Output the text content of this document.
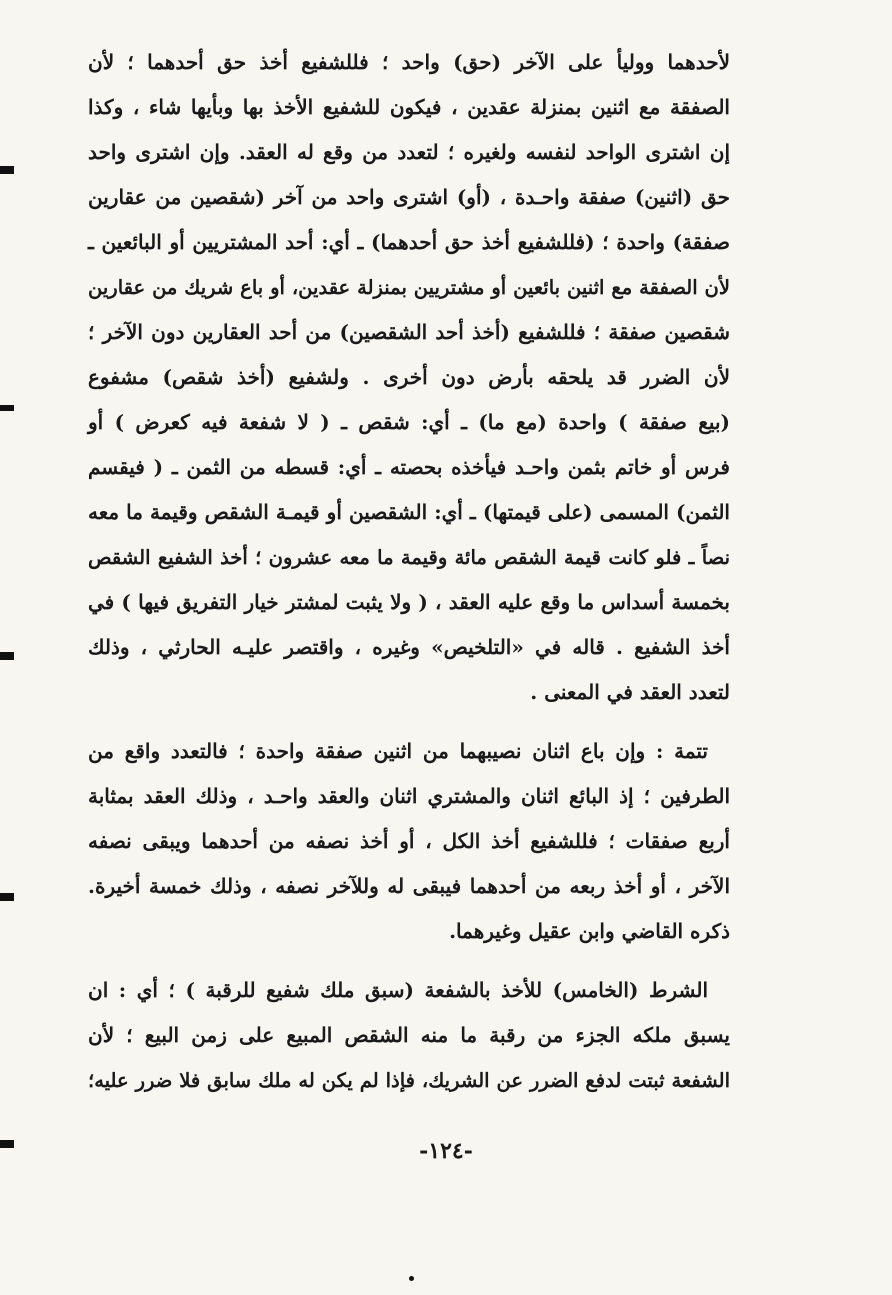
لأحدهما ووليأ على الآخر (حق) واحد ؛ فللشفيع أخذ حق أحدهما ؛ لأن
الصفقة مع اثنين بمنزلة عقدين ، فيكون للشفيع الأخذ بها وبأيها شاء ، وكذا
إن اشترى الواحد لنفسه ولغيره ؛ لتعدد من وقع له العقد. وإن اشترى واحد
حق (اثنين) صفقة واحـدة ، (أو) اشترى واحد من آخر (شقصين من عقارين
صفقة) واحدة ؛ (فللشفيع أخذ حق أحدهما) ـ أي: أحد المشتريين أو البائعين ـ
لأن الصفقة مع اثنين بائعين أو مشتريين بمنزلة عقدين، أو باع شريك من عقارين
شقصين صفقة ؛ فللشفيع (أخذ أحد الشقصين) من أحد العقارين دون الآخر ؛
لأن الضرر قد يلحقه بأرض دون أخرى . ولشفيع (أخذ شقص) مشفوع
(بيع صفقة ) واحدة (مع ما) ـ أي: شقص ـ ( لا شفعة فيه كعرض ) أو
فرس أو خاتم بثمن واحـد فيأخذه بحصته ـ أي: قسطه من الثمن ـ ( فيقسم
الثمن) المسمى (على قيمتها) ـ أي: الشقصين أو قيمـة الشقص وقيمة ما معه
نصاً ـ فلو كانت قيمة الشقص مائة وقيمة ما معه عشرون ؛ أخذ الشفيع الشقص
بخمسة أسداس ما وقع عليه العقد ، ( ولا يثبت لمشتر خيار التفريق فيها ) في
أخذ الشفيع . قاله في «التلخيص» وغيره ، واقتصر عليـه الحارثي ، وذلك
لتعدد العقد في المعنى .
تتمة : وإن باع اثنان نصيبهما من اثنين صفقة واحدة ؛ فالتعدد واقع من
الطرفين ؛ إذ البائع اثنان والمشتري اثنان والعقد واحـد ، وذلك العقد بمثابة
أربع صفقات ؛ فللشفيع أخذ الكل ، أو أخذ نصفه من أحدهما ويبقى نصفه
الآخر ، أو أخذ ربعه من أحدهما فيبقى له وللآخر نصفه ، وذلك خمسة أخيرة.
ذكره القاضي وابن عقيل وغيرهما.
الشرط (الخامس) للأخذ بالشفعة (سبق ملك شفيع للرقبة ) ؛ أي : ان
يسبق ملكه الجزء من رقبة ما منه الشقص المبيع على زمن البيع ؛ لأن
الشفعة ثبتت لدفع الضرر عن الشريك، فإذا لم يكن له ملك سابق فلا ضرر عليه؛
-١٢٤-
